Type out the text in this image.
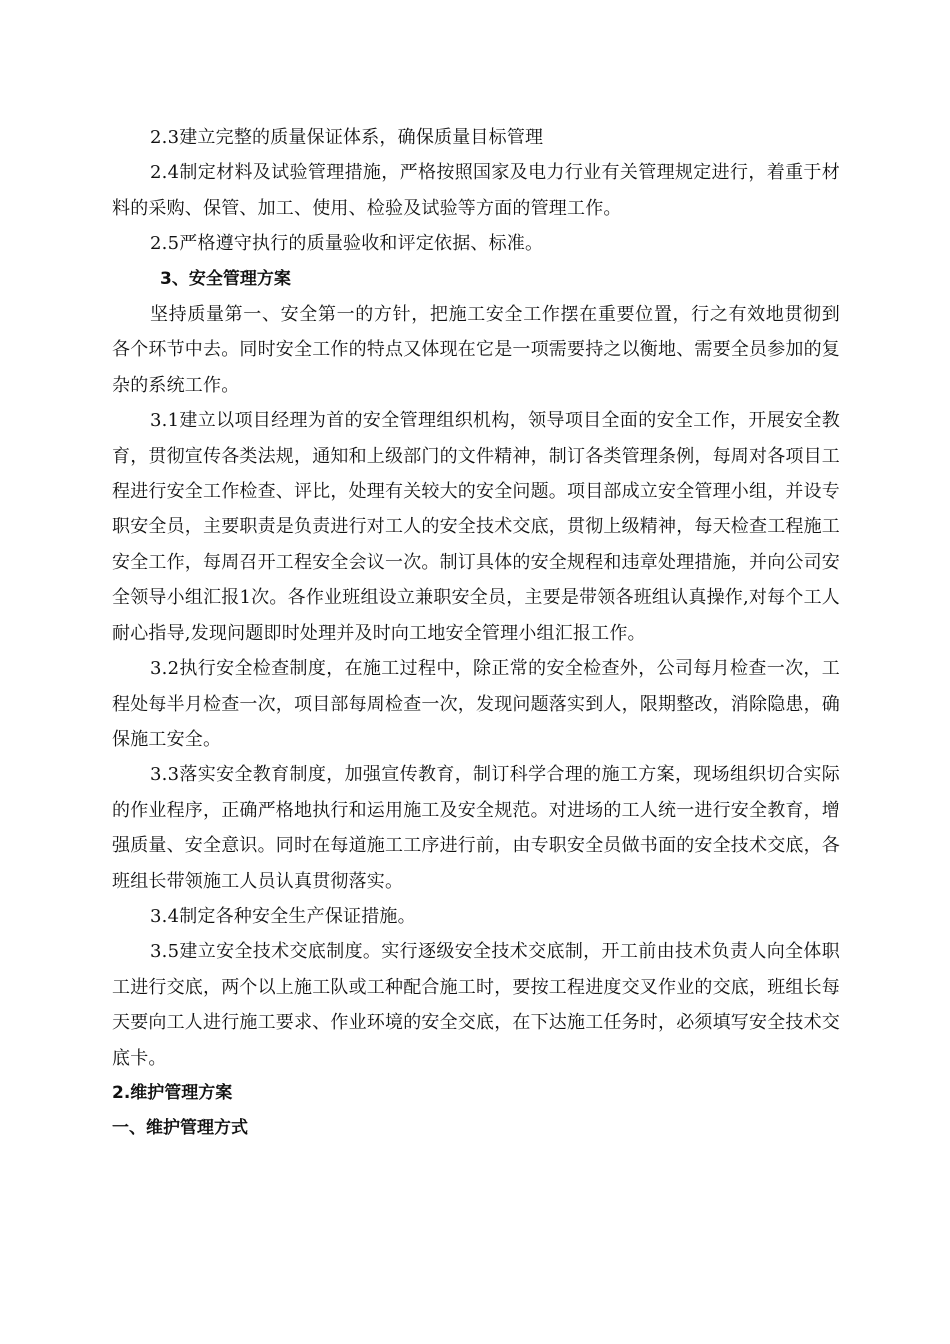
2.3建立完整的质量保证体系，确保质量目标管理

2.4制定材料及试验管理措施，严格按照国家及电力行业有关管理规定进行，着重于材料的采购、保管、加工、使用、检验及试验等方面的管理工作。

2.5严格遵守执行的质量验收和评定依据、标准。

3、安全管理方案

坚持质量第一、安全第一的方针，把施工安全工作摆在重要位置，行之有效地贯彻到各个环节中去。同时安全工作的特点又体现在它是一项需要持之以衡地、需要全员参加的复杂的系统工作。

3.1建立以项目经理为首的安全管理组织机构，领导项目全面的安全工作，开展安全教育，贯彻宣传各类法规，通知和上级部门的文件精神，制订各类管理条例，每周对各项目工程进行安全工作检查、评比，处理有关较大的安全问题。项目部成立安全管理小组，并设专职安全员，主要职责是负责进行对工人的安全技术交底，贯彻上级精神，每天检查工程施工安全工作，每周召开工程安全会议一次。制订具体的安全规程和违章处理措施，并向公司安全领导小组汇报1次。各作业班组设立兼职安全员，主要是带领各班组认真操作,对每个工人耐心指导,发现问题即时处理并及时向工地安全管理小组汇报工作。

3.2执行安全检查制度，在施工过程中，除正常的安全检查外，公司每月检查一次，工程处每半月检查一次，项目部每周检查一次，发现问题落实到人，限期整改，消除隐患，确保施工安全。

3.3落实安全教育制度，加强宣传教育，制订科学合理的施工方案，现场组织切合实际的作业程序，正确严格地执行和运用施工及安全规范。对进场的工人统一进行安全教育，增强质量、安全意识。同时在每道施工工序进行前，由专职安全员做书面的安全技术交底，各班组长带领施工人员认真贯彻落实。

3.4制定各种安全生产保证措施。

3.5建立安全技术交底制度。实行逐级安全技术交底制，开工前由技术负责人向全体职工进行交底，两个以上施工队或工种配合施工时，要按工程进度交叉作业的交底，班组长每天要向工人进行施工要求、作业环境的安全交底，在下达施工任务时，必须填写安全技术交底卡。

2.维护管理方案

一、维护管理方式
